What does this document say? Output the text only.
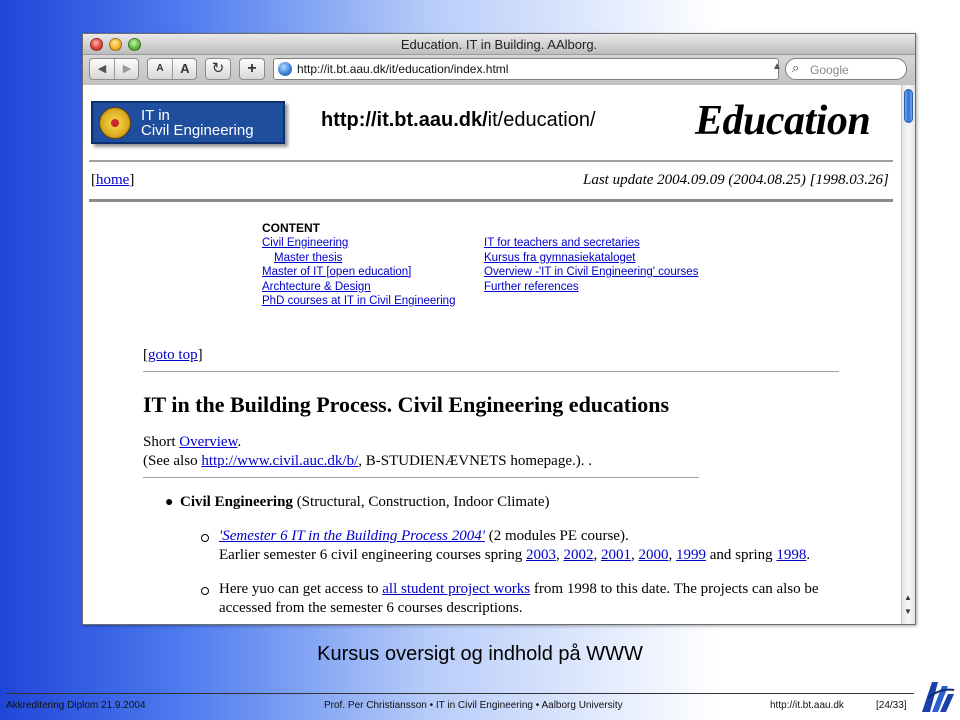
Education. IT in Building. AAlborg.
◀	▶	A	A	↻	+	http://it.bt.aau.dk/it/education/index.html	▲ ⌕ Google
IT in
Civil Engineering	http://it.bt.aau.dk/it/education/ Education
[home]	Last update 2004.09.09 (2004.08.25) [1998.03.26]
CONTENT
Civil Engineering
Master thesis
Master of IT [open education]
Archtecture & Design
PhD courses at IT in Civil Engineering
IT for teachers and secretaries
Kursus fra gymnasiekataloget
Overview -'IT in Civil Engineering' courses
Further references
[goto top]
IT in the Building Process. Civil Engineering educations
Short Overview.
(See also http://www.civil.auc.dk/b/, B-STUDIENÆVNETS homepage.). .
● Civil Engineering (Structural, Construction, Indoor Climate)
'Semester 6 IT in the Building Process 2004' (2 modules PE course).
Earlier semester 6 civil engineering courses spring 2003, 2002, 2001, 2000, 1999 and spring 1998.
Here yuo can get access to all student project works from 1998 to this date. The projects can also be
accessed from the semester 6 courses descriptions.
▲
▼
Kursus oversigt og indhold på WWW
Akkreditering Diplom 21.9.2004	Prof. Per Christiansson • IT in Civil Engineering • Aalborg University	http://it.bt.aau.dk	[24/33]
